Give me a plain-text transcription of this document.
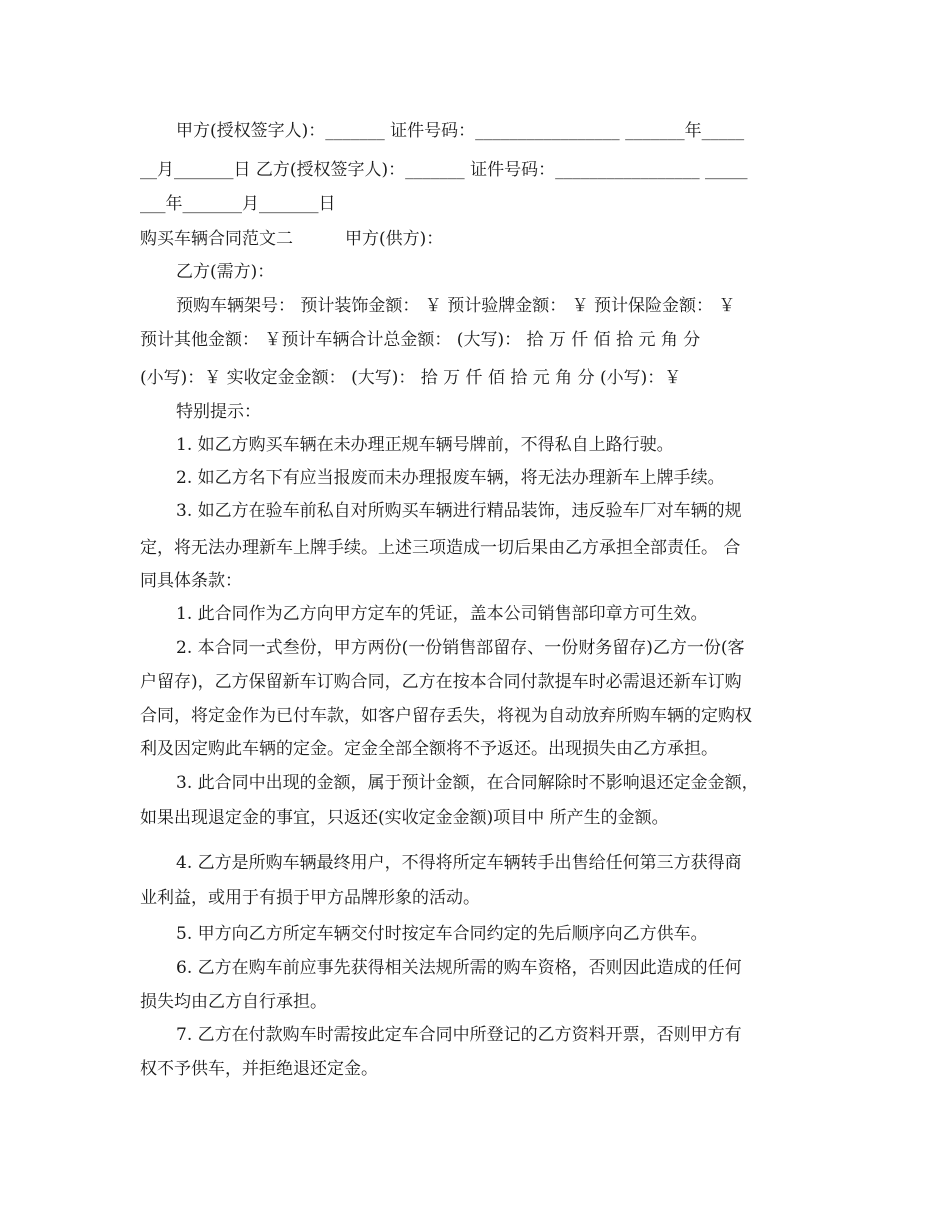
甲方(授权签字人)：_______ 证件号码：_________________ _______年_____
__月_______日 乙方(授权签字人)：_______ 证件号码：_________________ _____
___年_______月_______日
购买车辆合同范文二	甲方(供方)：
乙方(需方)：
预购车辆架号： 预计装饰金额： ￥ 预计验牌金额： ￥ 预计保险金额： ￥
预计其他金额： ￥预计车辆合计总金额： (大写)： 拾 万 仟 佰 拾 元 角 分
(小写)：￥ 实收定金金额： (大写)： 拾 万 仟 佰 拾 元 角 分 (小写)：￥
特别提示：
1. 如乙方购买车辆在未办理正规车辆号牌前，不得私自上路行驶。
2. 如乙方名下有应当报废而未办理报废车辆，将无法办理新车上牌手续。
3. 如乙方在验车前私自对所购买车辆进行精品装饰，违反验车厂对车辆的规
定，将无法办理新车上牌手续。上述三项造成一切后果由乙方承担全部责任。 合
同具体条款：
1. 此合同作为乙方向甲方定车的凭证，盖本公司销售部印章方可生效。
2. 本合同一式叁份，甲方两份(一份销售部留存、一份财务留存)乙方一份(客
户留存)，乙方保留新车订购合同，乙方在按本合同付款提车时必需退还新车订购
合同，将定金作为已付车款，如客户留存丢失，将视为自动放弃所购车辆的定购权
利及因定购此车辆的定金。定金全部全额将不予返还。出现损失由乙方承担。
3. 此合同中出现的金额，属于预计金额，在合同解除时不影响退还定金金额，
如果出现退定金的事宜，只返还(实收定金金额)项目中 所产生的金额。
4. 乙方是所购车辆最终用户，不得将所定车辆转手出售给任何第三方获得商
业利益，或用于有损于甲方品牌形象的活动。
5. 甲方向乙方所定车辆交付时按定车合同约定的先后顺序向乙方供车。
6. 乙方在购车前应事先获得相关法规所需的购车资格，否则因此造成的任何
损失均由乙方自行承担。
7. 乙方在付款购车时需按此定车合同中所登记的乙方资料开票，否则甲方有
权不予供车，并拒绝退还定金。
